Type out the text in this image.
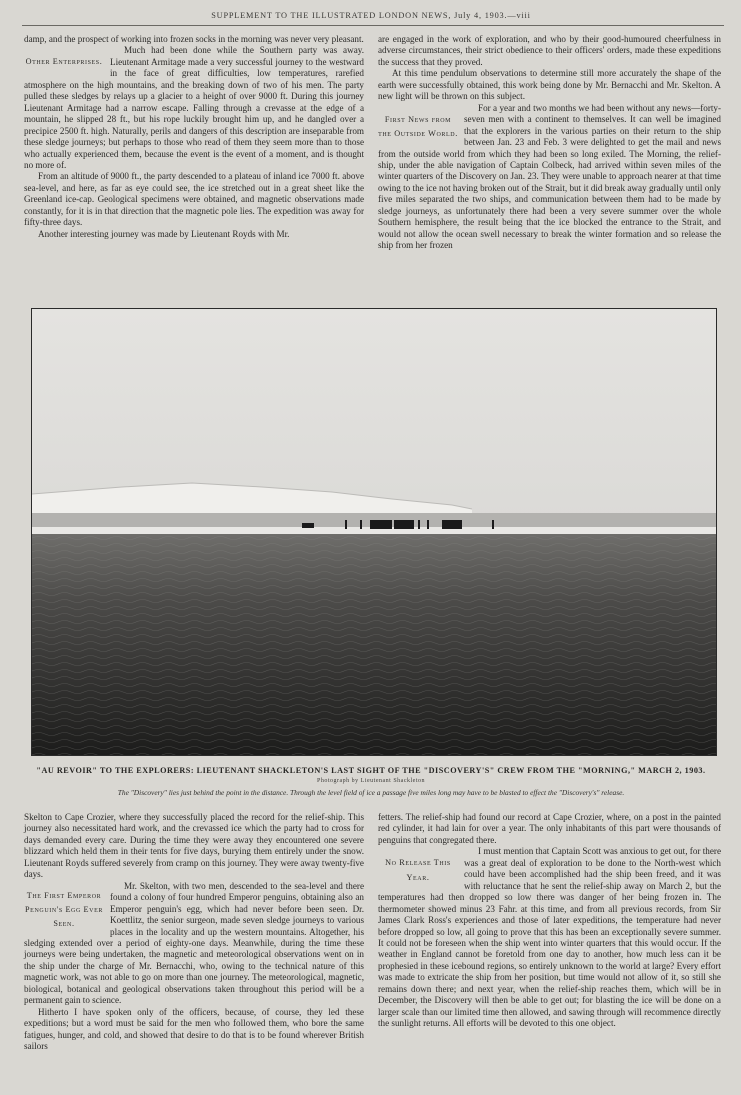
SUPPLEMENT TO THE ILLUSTRATED LONDON NEWS, July 4, 1903.—viii

damp, and the prospect of working into frozen socks in the morning was never very pleasant.

Other Enterprises.
Much had been done while the Southern party was away. Lieutenant Armitage made a very successful journey to the westward in the face of great difficulties, low temperatures, rarefied atmosphere on the high mountains, and the breaking down of two of his men. The party pulled these sledges by relays up a glacier to a height of over 9000 ft. During this journey Lieutenant Armitage had a narrow escape. Falling through a crevasse at the edge of a mountain, he slipped 28 ft., but his rope luckily brought him up, and he dangled over a precipice 2500 ft. high. Naturally, perils and dangers of this description are inseparable from these sledge journeys; but perhaps to those who read of them they seem more than to those who actually experienced them, because the event is the event of a moment, and is thought no more of.

From an altitude of 9000 ft., the party descended to a plateau of inland ice 7000 ft. above sea-level, and here, as far as eye could see, the ice stretched out in a great sheet like the Greenland ice-cap. Geological specimens were obtained, and magnetic observations made constantly, for it is in that direction that the magnetic pole lies. The expedition was away for fifty-three days.

Another interesting journey was made by Lieutenant Royds with Mr.

are engaged in the work of exploration, and who by their good-humoured cheerfulness in adverse circumstances, their strict obedience to their officers' orders, made these expeditions the success that they proved.

At this time pendulum observations to determine still more accurately the shape of the earth were successfully obtained, this work being done by Mr. Bernacchi and Mr. Skelton. A new light will be thrown on this subject.

First News from the Outside World.
For a year and two months we had been without any news—forty-seven men with a continent to themselves. It can well be imagined that the explorers in the various parties on their return to the ship between Jan. 23 and Feb. 3 were delighted to get the mail and news from the outside world from which they had been so long exiled. The Morning, the relief-ship, under the able navigation of Captain Colbeck, had arrived within seven miles of the winter quarters of the Discovery on Jan. 23. They were unable to approach nearer at that time owing to the ice not having broken out of the Strait, but it did break away gradually until only five miles separated the two ships, and communication between them had to be made by sledge journeys, as unfortunately there had been a very severe summer over the whole Southern hemisphere, the result being that the ice blocked the entrance to the Strait, and would not allow the ocean swell necessary to break the winter formation and so release the ship from her frozen

"AU REVOIR" TO THE EXPLORERS: LIEUTENANT SHACKLETON'S LAST SIGHT OF THE "DISCOVERY'S" CREW FROM THE "MORNING," MARCH 2, 1903.
Photograph by Lieutenant Shackleton
The "Discovery" lies just behind the point in the distance. Through the level field of ice a passage five miles long may have to be blasted to effect the "Discovery's" release.

Skelton to Cape Crozier, where they successfully placed the record for the relief-ship. This journey also necessitated hard work, and the crevassed ice which the party had to cross for days demanded every care. During the time they were away they encountered one severe blizzard which held them in their tents for five days, burying them entirely under the snow. Lieutenant Royds suffered severely from cramp on this journey. They were away twenty-five days.

The First Emperor Penguin's Egg Ever Seen.
Mr. Skelton, with two men, descended to the sea-level and there found a colony of four hundred Emperor penguins, obtaining also an Emperor penguin's egg, which had never before been seen. Dr. Koettlitz, the senior surgeon, made seven sledge journeys to various places in the locality and up the western mountains. Altogether, his sledging extended over a period of eighty-one days. Meanwhile, during the time these journeys were being undertaken, the magnetic and meteorological observations went on in the ship under the charge of Mr. Bernacchi, who, owing to the technical nature of this magnetic work, was not able to go on more than one journey. The meteorological, magnetic, biological, botanical and geological observations taken throughout this period will be a permanent gain to science.

Hitherto I have spoken only of the officers, because, of course, they led these expeditions; but a word must be said for the men who followed them, who bore the same fatigues, hunger, and cold, and showed that desire to do that is to be found wherever British sailors

fetters. The relief-ship had found our record at Cape Crozier, where, on a post in the painted red cylinder, it had lain for over a year. The only inhabitants of this part were thousands of penguins that congregated there.

No Release This Year.
I must mention that Captain Scott was anxious to get out, for there was a great deal of exploration to be done to the North-west which could have been accomplished had the ship been freed, and it was with reluctance that he sent the relief-ship away on March 2, but the temperatures had then dropped so low there was danger of her being frozen in. The thermometer showed minus 23 Fahr. at this time, and from all previous records, from Sir James Clark Ross's experiences and those of later expeditions, the temperature had never before dropped so low, all going to prove that this has been an exceptionally severe summer. It could not be foreseen when the ship went into winter quarters that this would occur. If the weather in England cannot be foretold from one day to another, how much less can it be prophesied in these icebound regions, so entirely unknown to the world at large? Every effort was made to extricate the ship from her position, but time would not allow of it, so still she remains down there; and next year, when the relief-ship reaches them, which will be in December, the Discovery will then be able to get out; for blasting the ice will be done on a larger scale than our limited time then allowed, and sawing through will recommence directly the sunlight returns. All efforts will be devoted to this one object.
